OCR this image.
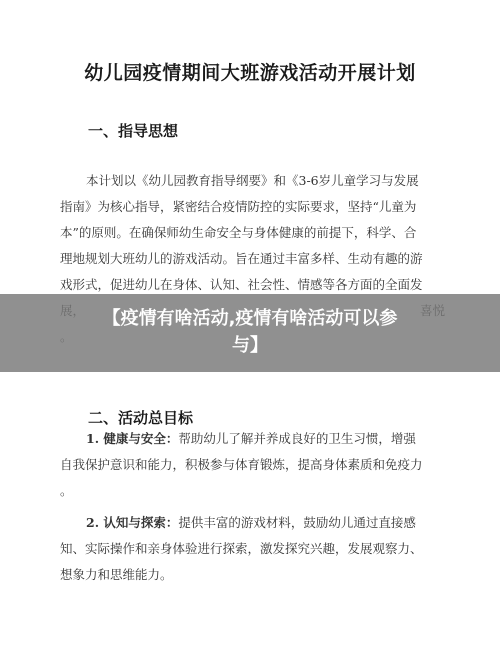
幼儿园疫情期间大班游戏活动开展计划
一、指导思想
本计划以《幼儿园教育指导纲要》和《3-6岁儿童学习与发展
指南》为核心指导，紧密结合疫情防控的实际要求，坚持“儿童为
本”的原则。在确保师幼生命安全与身体健康的前提下，科学、合
理地规划大班幼儿的游戏活动。旨在通过丰富多样、生动有趣的游
戏形式，促进幼儿在身体、认知、社会性、情感等各方面的全面发
二、活动总目标
1. 健康与安全：帮助幼儿了解并养成良好的卫生习惯，增强
自我保护意识和能力，积极参与体育锻炼，提高身体素质和免疫力
。
2. 认知与探索：提供丰富的游戏材料，鼓励幼儿通过直接感
知、实际操作和亲身体验进行探索，激发探究兴趣，发展观察力、
想象力和思维能力。
【疫情有啥活动,疫情有啥活动可以参
与】
